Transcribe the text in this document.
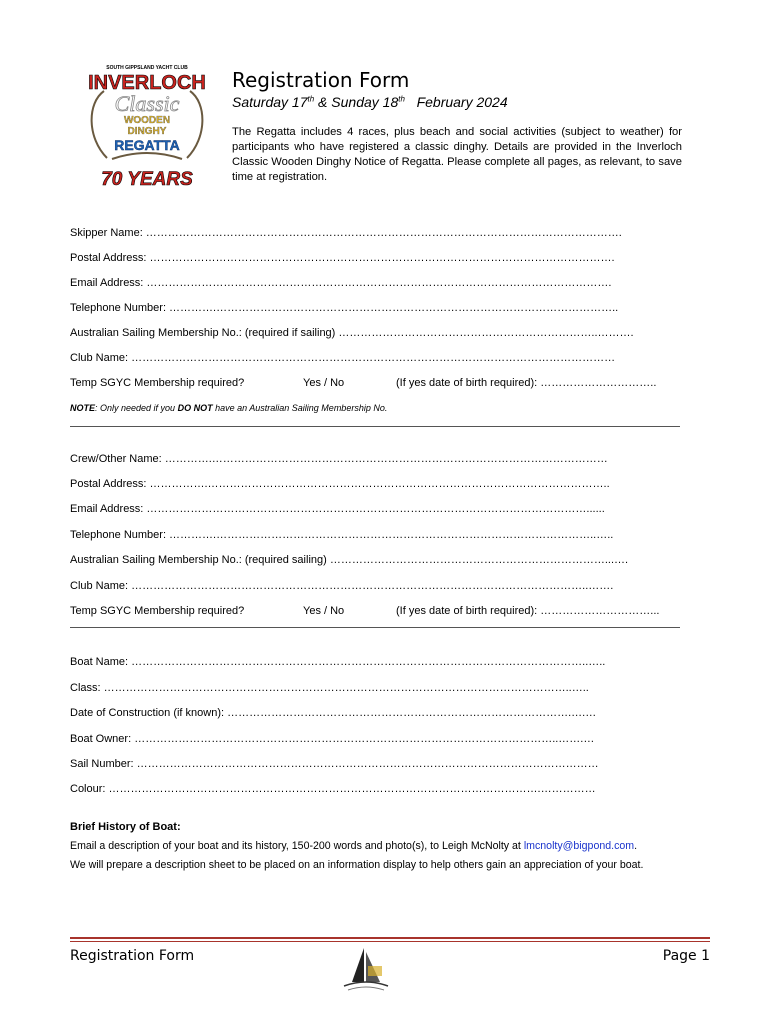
SOUTH GIPPSLAND YACHT CLUB
INVERLOCH
Classic
WOODEN
DINGHY
REGATTA
70 YEARS
Registration Form
Saturday 17th & Sunday 18th   February 2024
The Regatta includes 4 races, plus beach and social activities (subject to weather) for participants who have registered a classic dinghy. Details are provided in the Inverloch Classic Wooden Dinghy Notice of Regatta. Please complete all pages, as relevant, to save time at registration.
Skipper Name: ………………………………………………………………………………………………………………….
Postal Address: ……………………………………………………………………………………………………………….
Email Address: ……………………………………………………………………………………………………………….
Telephone Number: ………….………………………………………………………………………………………………..
Australian Sailing Membership No.: (required if sailing) ……………………………………………………………..……….
Club Name: ……………………………………………………………………………………………………………………
Temp SGYC Membership required?	Yes / No	(If yes date of birth required): …………………………..
NOTE: Only needed if you DO NOT have an Australian Sailing Membership No.
Crew/Other Name: ………….………………………………………………………………………………………………
Postal Address: …………….………………………………………………………………………………………………..
Email Address: …………………………………………………………………………………………………………......
Telephone Number: ………….…………………………………………………………………………………………..…..
Australian Sailing Membership No.: (required sailing) …………………………………………………………………...….
Club Name: ……………………………………………………………………………………………………………..…….
Temp SGYC Membership required?	Yes / No	(If yes date of birth required): …………………………...
Boat Name: ……………………………………………………………………………………………………………..…..
Class: ………………………………………………………………………………………………………………..…..
Date of Construction (if known): ………………………………………………………………………………….….…
Boat Owner: ……………………………………………………………………………………………………..…….…
Sail Number: ………………………………………………………………………………………………………………
Colour: ……………………………………………………………………………………………………….……………
Brief History of Boat:
Email a description of your boat and its history, 150-200 words and photo(s), to Leigh McNolty at lmcnolty@bigpond.com.
We will prepare a description sheet to be placed on an information display to help others gain an appreciation of your boat.
Registration Form	Page 1
